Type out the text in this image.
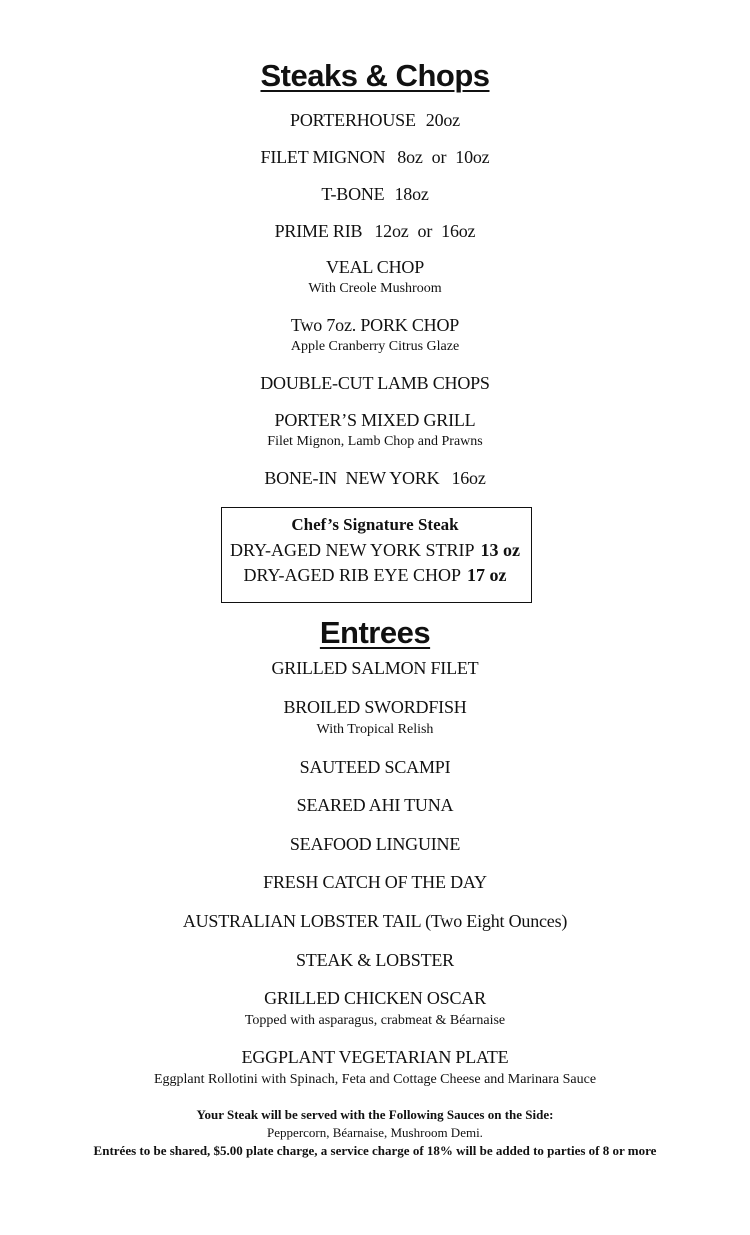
Steaks & Chops
PORTERHOUSE 20oz
FILET MIGNON 8oz or 10oz
T-BONE 18oz
PRIME RIB 12oz or 16oz
VEAL CHOP
With Creole Mushroom
Two 7oz. PORK CHOP
Apple Cranberry Citrus Glaze
DOUBLE-CUT LAMB CHOPS
PORTER’S MIXED GRILL
Filet Mignon, Lamb Chop and Prawns
BONE-IN  NEW YORK 16oz
Chef’s Signature Steak
DRY-AGED NEW YORK STRIP 13 oz
DRY-AGED RIB EYE CHOP 17 oz
Entrees
GRILLED SALMON FILET
BROILED SWORDFISH
With Tropical Relish
SAUTEED SCAMPI
SEARED AHI TUNA
SEAFOOD LINGUINE
FRESH CATCH OF THE DAY
AUSTRALIAN LOBSTER TAIL (Two Eight Ounces)
STEAK & LOBSTER
GRILLED CHICKEN OSCAR
Topped with asparagus, crabmeat & Béarnaise
EGGPLANT VEGETARIAN PLATE
Eggplant Rollotini with Spinach, Feta and Cottage Cheese and Marinara Sauce
Your Steak will be served with the Following Sauces on the Side:
Peppercorn, Béarnaise, Mushroom Demi.
Entrées to be shared, $5.00 plate charge, a service charge of 18% will be added to parties of 8 or more
